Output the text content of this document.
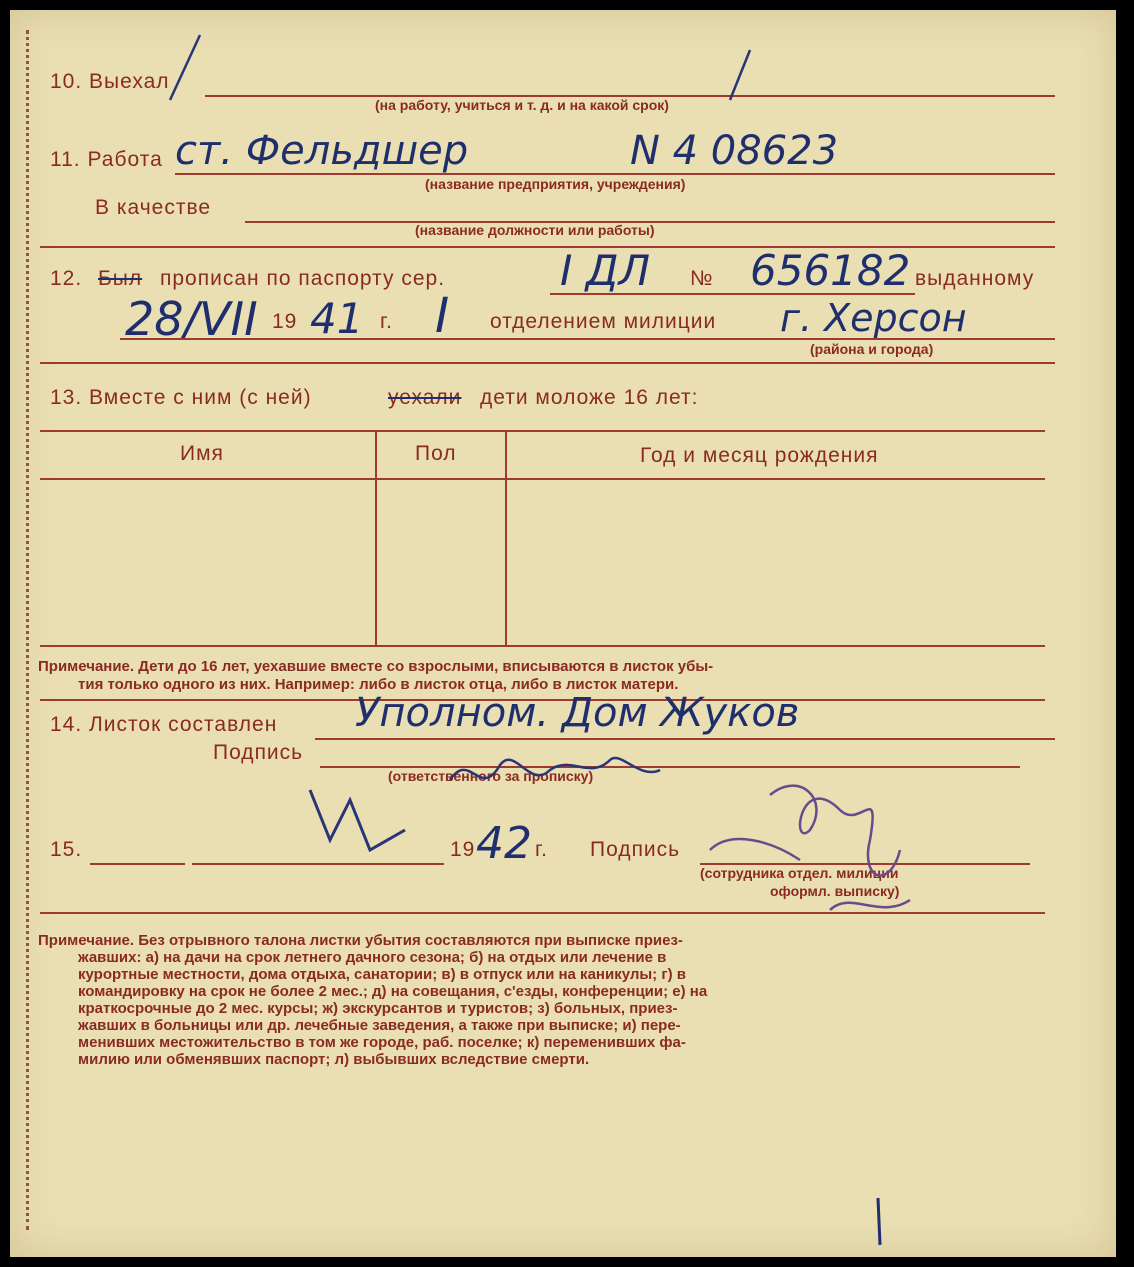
10. Выехал
(на работу, учиться и т. д. и на какой срок)
11. Работа ст. Фельдшер	N 4 08623
(название предприятия, учреждения)
В качестве
(название должности или работы)
12. Был прописан по паспорту сер.	I ДЛ № 656182 выданному
28/VII 19 41 г. I отделением милиции г. Херсон
(района и города)
13. Вместе с ним (с ней)	уехали дети моложе 16 лет:
Имя	Пол	Год и месяц рождения
Примечание. Дети до 16 лет, уехавшие вместе со взрослыми, вписываются в листок убы-
тия только одного из них. Например: либо в листок отца, либо в листок матери.
14. Листок составлен Уполном. Дом Жуков
Подпись
(ответственного за прописку)
15.	19 42 г. Подпись
(сотрудника отдел. милиции
оформл. выписку)
Примечание. Без отрывного талона листки убытия составляются при выписке приез-
жавших: а) на дачи на срок летнего дачного сезона; б) на отдых или лечение в
курортные местности, дома отдыха, санатории; в) в отпуск или на каникулы; г) в
командировку на срок не более 2 мес.; д) на совещания, с'езды, конференции; е) на
краткосрочные до 2 мес. курсы; ж) экскурсантов и туристов; з) больных, приез-
жавших в больницы или др. лечебные заведения, а также при выписке; и) пере-
менивших местожительство в том же городе, раб. поселке; к) переменивших фа-
милию или обменявших паспорт; л) выбывших вследствие смерти.
